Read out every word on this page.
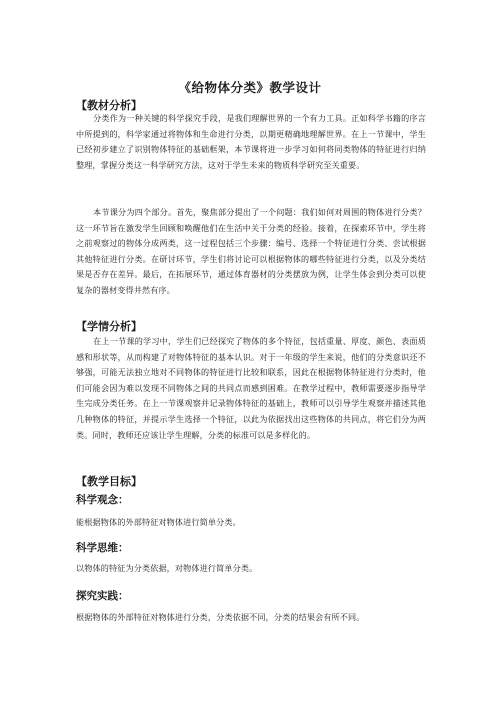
《给物体分类》教学设计
【教材分析】

分类作为一种关键的科学探究手段，是我们理解世界的一个有力工具。正如科学书籍的序言中所提到的，科学家通过将物体和生命进行分类，以期更精确地理解世界。在上一节课中，学生已经初步建立了识别物体特征的基础框架，本节课将进一步学习如何将同类物体的特征进行归纳整理，掌握分类这一科学研究方法，这对于学生未来的物质科学研究至关重要。

本节课分为四个部分。首先，聚焦部分提出了一个问题：我们如何对周围的物体进行分类？这一环节旨在激发学生回顾和唤醒他们在生活中关于分类的经验。接着，在探索环节中，学生将之前观察过的物体分成两类，这一过程包括三个步骤：编号、选择一个特征进行分类、尝试根据其他特征进行分类。在研讨环节，学生们将讨论可以根据物体的哪些特征进行分类，以及分类结果是否存在差异。最后，在拓展环节，通过体育器材的分类摆放为例，让学生体会到分类可以使复杂的器材变得井然有序。

【学情分析】

在上一节课的学习中，学生们已经探究了物体的多个特征，包括重量、厚度、颜色、表面质感和形状等，从而构建了对物体特征的基本认识。对于一年级的学生来说，他们的分类意识还不够强，可能无法独立地对不同物体的特征进行比较和联系，因此在根据物体特征进行分类时，他们可能会因为难以发现不同物体之间的共同点而感到困难。在教学过程中，教师需要逐步指导学生完成分类任务。在上一节课观察并记录物体特征的基础上，教师可以引导学生观察并描述其他几种物体的特征，并提示学生选择一个特征，以此为依据找出这些物体的共同点，将它们分为两类。同时，教师还应该让学生理解，分类的标准可以是多样化的。

【教学目标】
科学观念：

能根据物体的外部特征对物体进行简单分类。

科学思维：

以物体的特征为分类依据，对物体进行简单分类。

探究实践：

根据物体的外部特征对物体进行分类，分类依据不同，分类的结果会有所不同。
